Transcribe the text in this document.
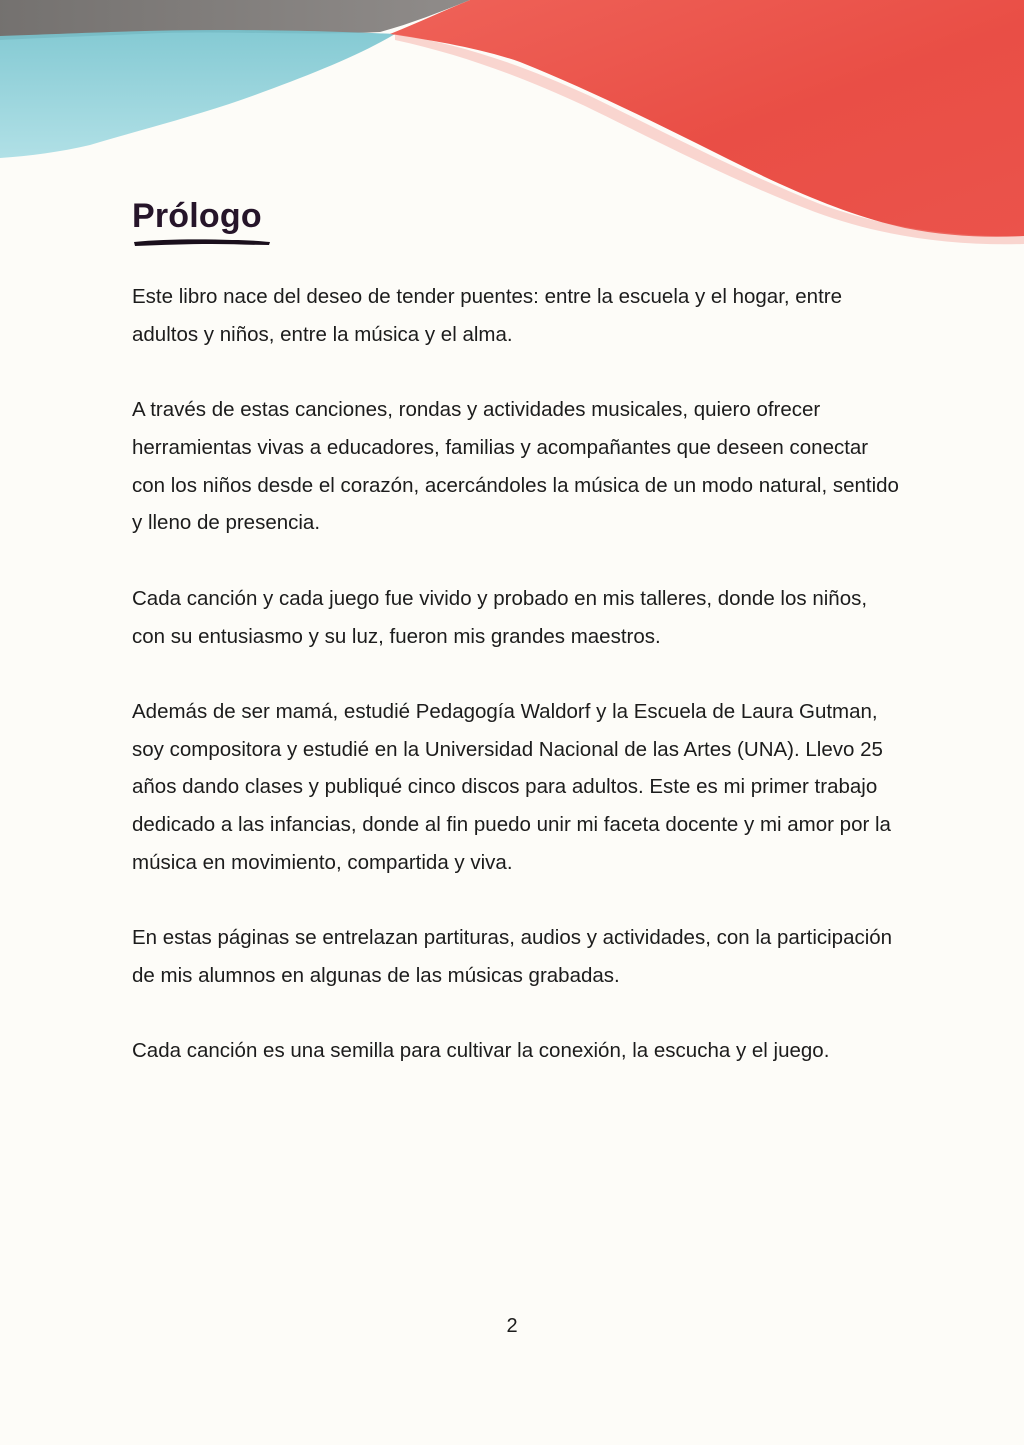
Prólogo

Este libro nace del deseo de tender puentes: entre la escuela y el hogar, entre adultos y niños, entre la música y el alma.

A través de estas canciones, rondas y actividades musicales, quiero ofrecer herramientas vivas a educadores, familias y acompañantes que deseen conectar con los niños desde el corazón, acercándoles la música de un modo natural, sentido y lleno de presencia.

Cada canción y cada juego fue vivido y probado en mis talleres, donde los niños, con su entusiasmo y su luz, fueron mis grandes maestros.

Además de ser mamá, estudié Pedagogía Waldorf y la Escuela de Laura Gutman, soy compositora y estudié en la Universidad Nacional de las Artes (UNA). Llevo 25 años dando clases y publiqué cinco discos para adultos. Este es mi primer trabajo dedicado a las infancias, donde al fin puedo unir mi faceta docente y mi amor por la música en movimiento, compartida y viva.

En estas páginas se entrelazan partituras, audios y actividades, con la participación de mis alumnos en algunas de las músicas grabadas.

Cada canción es una semilla para cultivar la conexión, la escucha y el juego.

2
